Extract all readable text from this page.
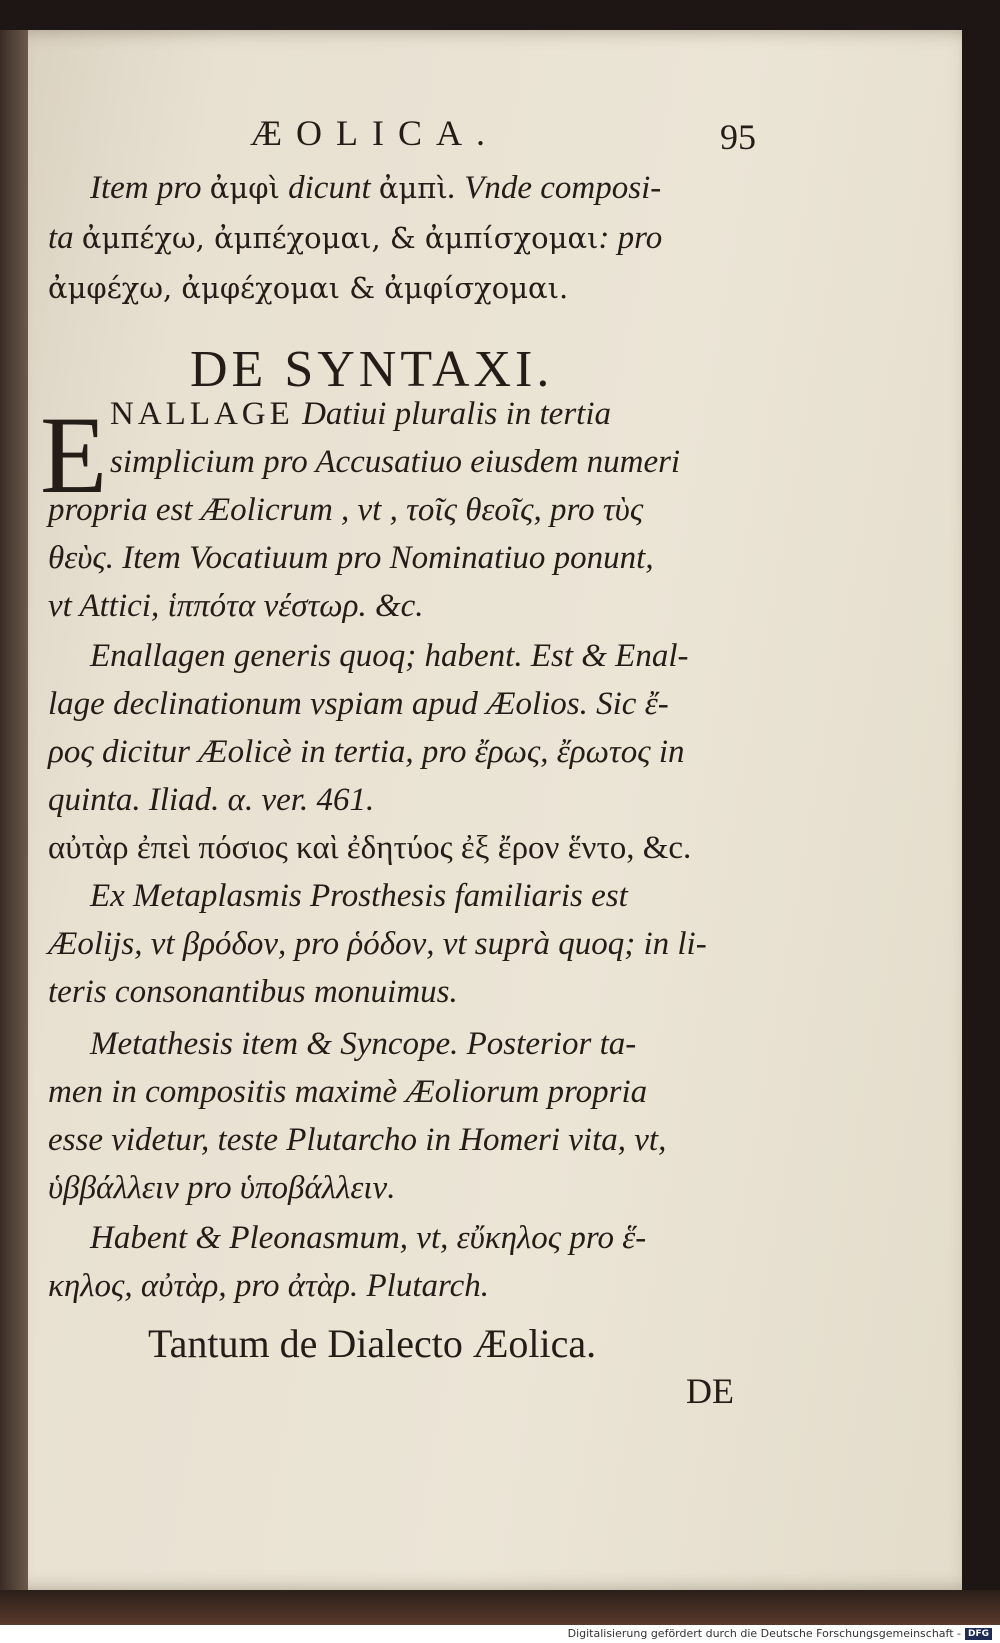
ÆOLICA.	95
Item pro ἀμφὶ dicunt ἀμπὶ. Vnde composi-
ta ἀμπέχω, ἀμπέχομαι, & ἀμπίσχομαι: pro
ἀμφέχω, ἀμφέχομαι & ἀμφίσχομαι.
DE SYNTAXI.
E NALLAGE Datiui pluralis in tertia
simplicium pro Accusatiuo eiusdem numeri
propria est Æolicrum , vt , τοῖς θεοῖς, pro τὺς
θεὺς. Item Vocatiuum pro Nominatiuo ponunt,
vt Attici, ἱππότα νέστωρ. &c.
Enallagen generis quoq; habent. Est & Enal-
lage declinationum vspiam apud Æolios. Sic ἔ-
ρος dicitur Æolicè in tertia, pro ἔρως, ἔρωτος in
quinta. Iliad. α. ver. 461.
αὐτὰρ ἐπεὶ πόσιος καὶ ἐδητύος ἐξ ἔρον ἕντο, &c.
Ex Metaplasmis Prosthesis familiaris est
Æolijs, vt βρόδον, pro ῥόδον, vt suprà quoq; in li-
teris consonantibus monuimus.
Metathesis item & Syncope. Posterior ta-
men in compositis maximè Æoliorum propria
esse videtur, teste Plutarcho in Homeri vita, vt,
ὑββάλλειν pro ὑποβάλλειν.
Habent & Pleonasmum, vt, εὔκηλος pro ἕ-
κηλος, αὐτὰρ, pro ἀτὰρ. Plutarch.
Tantum de Dialecto Æolica.
DE
Digitalisierung gefördert durch die Deutsche Forschungsgemeinschaft - DFG
